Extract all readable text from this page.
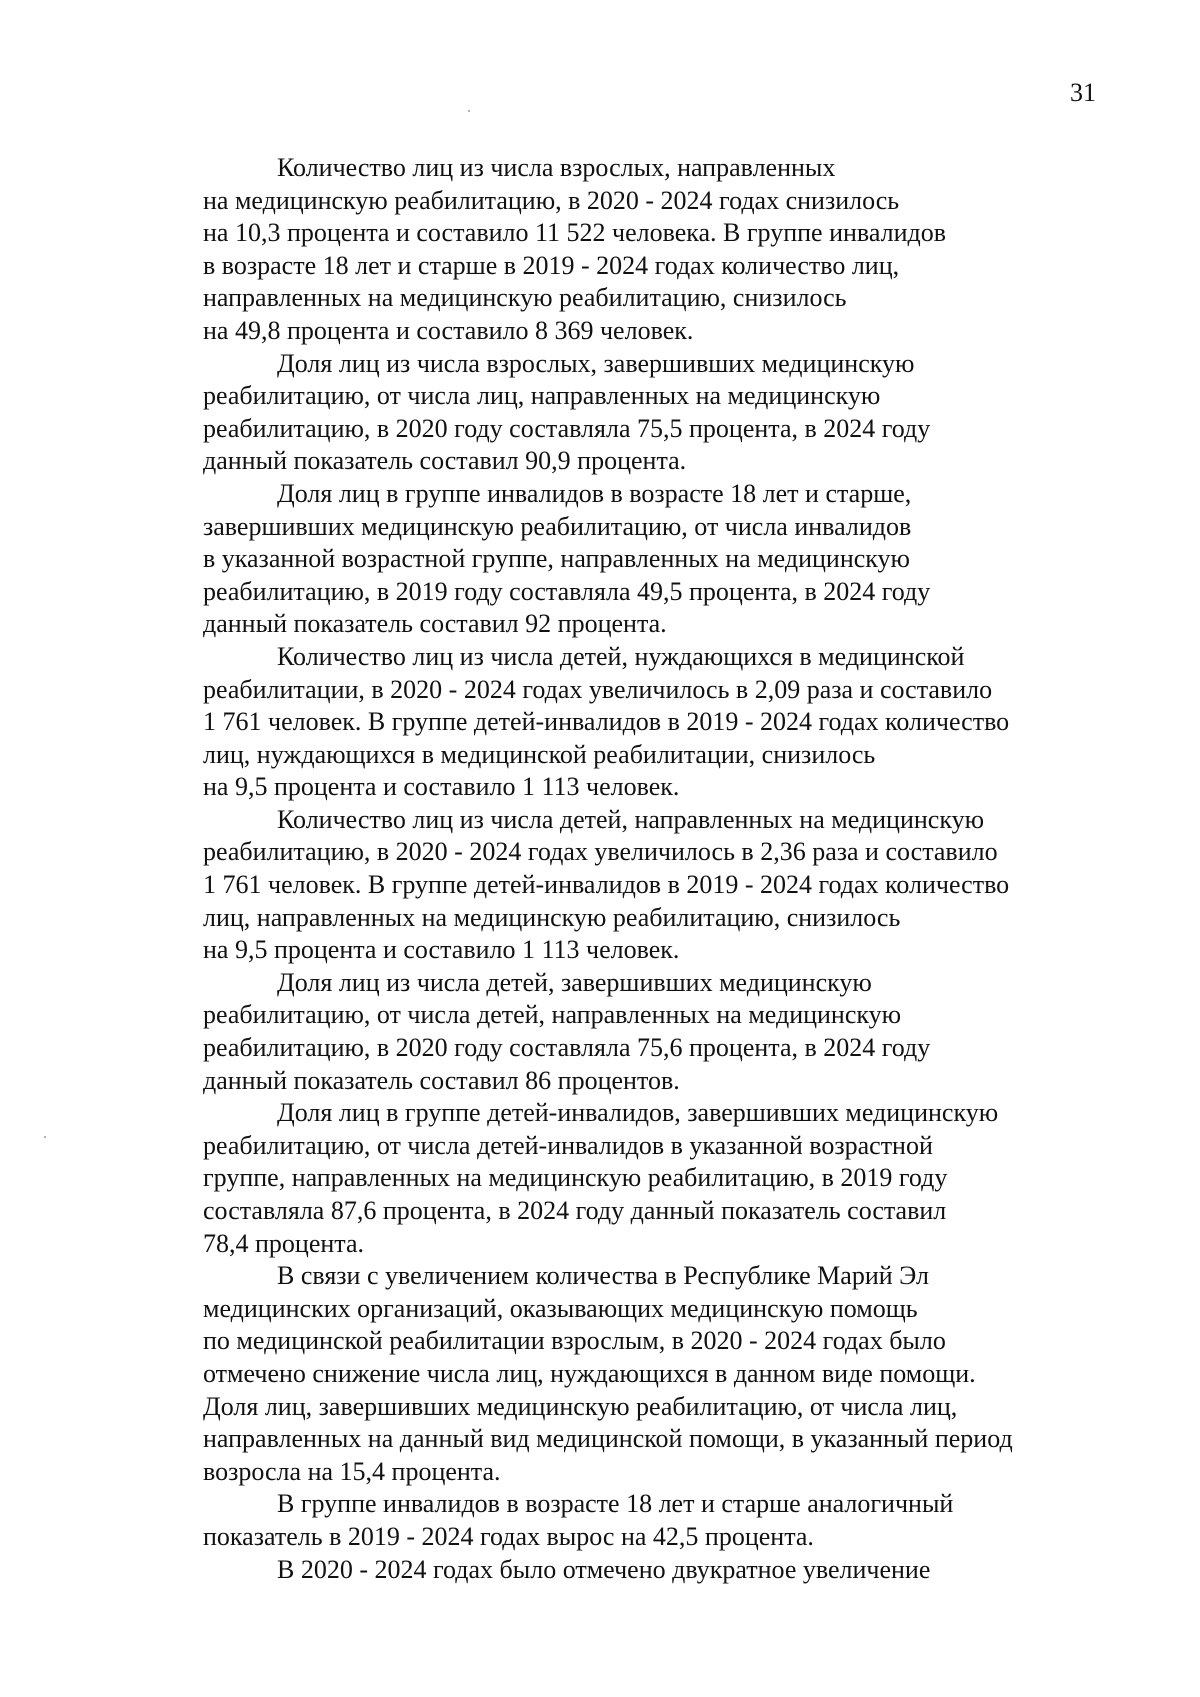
31

Количество лиц из числа взрослых, направленных
на медицинскую реабилитацию, в 2020 - 2024 годах снизилось
на 10,3 процента и составило 11 522 человека. В группе инвалидов
в возрасте 18 лет и старше в 2019 - 2024 годах количество лиц,
направленных на медицинскую реабилитацию, снизилось
на 49,8 процента и составило 8 369 человек.

Доля лиц из числа взрослых, завершивших медицинскую
реабилитацию, от числа лиц, направленных на медицинскую
реабилитацию, в 2020 году составляла 75,5 процента, в 2024 году
данный показатель составил 90,9 процента.

Доля лиц в группе инвалидов в возрасте 18 лет и старше,
завершивших медицинскую реабилитацию, от числа инвалидов
в указанной возрастной группе, направленных на медицинскую
реабилитацию, в 2019 году составляла 49,5 процента, в 2024 году
данный показатель составил 92 процента.

Количество лиц из числа детей, нуждающихся в медицинской
реабилитации, в 2020 - 2024 годах увеличилось в 2,09 раза и составило
1 761 человек. В группе детей-инвалидов в 2019 - 2024 годах количество
лиц, нуждающихся в медицинской реабилитации, снизилось
на 9,5 процента и составило 1 113 человек.

Количество лиц из числа детей, направленных на медицинскую
реабилитацию, в 2020 - 2024 годах увеличилось в 2,36 раза и составило
1 761 человек. В группе детей-инвалидов в 2019 - 2024 годах количество
лиц, направленных на медицинскую реабилитацию, снизилось
на 9,5 процента и составило 1 113 человек.

Доля лиц из числа детей, завершивших медицинскую
реабилитацию, от числа детей, направленных на медицинскую
реабилитацию, в 2020 году составляла 75,6 процента, в 2024 году
данный показатель составил 86 процентов.

Доля лиц в группе детей-инвалидов, завершивших медицинскую
реабилитацию, от числа детей-инвалидов в указанной возрастной
группе, направленных на медицинскую реабилитацию, в 2019 году
составляла 87,6 процента, в 2024 году данный показатель составил
78,4 процента.

В связи с увеличением количества в Республике Марий Эл
медицинских организаций, оказывающих медицинскую помощь
по медицинской реабилитации взрослым, в 2020 - 2024 годах было
отмечено снижение числа лиц, нуждающихся в данном виде помощи.
Доля лиц, завершивших медицинскую реабилитацию, от числа лиц,
направленных на данный вид медицинской помощи, в указанный период
возросла на 15,4 процента.

В группе инвалидов в возрасте 18 лет и старше аналогичный
показатель в 2019 - 2024 годах вырос на 42,5 процента.

В 2020 - 2024 годах было отмечено двукратное увеличение
